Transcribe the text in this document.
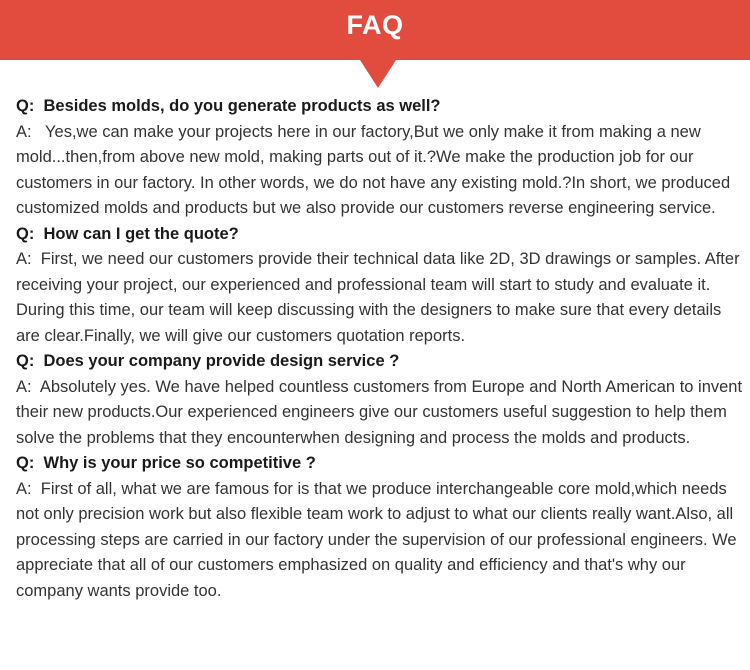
FAQ
Q:  Besides molds, do you generate products as well?
A:   Yes,we can make your projects here in our factory,But we only make it from making a new mold...then,from above new mold, making parts out of it.?We make the production job for our customers in our factory. In other words, we do not have any existing mold.?In short, we produced customized molds and products but we also provide our customers reverse engineering service.
Q:  How can I get the quote?
A:  First, we need our customers provide their technical data like 2D, 3D drawings or samples. After receiving your project, our experienced and professional team will start to study and evaluate it. During this time, our team will keep discussing with the designers to make sure that every details are clear.Finally, we will give our customers quotation reports.
Q:  Does your company provide design service ?
A:  Absolutely yes. We have helped countless customers from Europe and North American to invent their new products.Our experienced engineers give our customers useful suggestion to help them solve the problems that they encounterwhen designing and process the molds and products.
Q:  Why is your price so competitive ?
A:  First of all, what we are famous for is that we produce interchangeable core mold,which needs not only precision work but also flexible team work to adjust to what our clients really want.Also, all processing steps are carried in our factory under the supervision of our professional engineers. We appreciate that all of our customers emphasized on quality and efficiency and that's why our company wants provide too.
